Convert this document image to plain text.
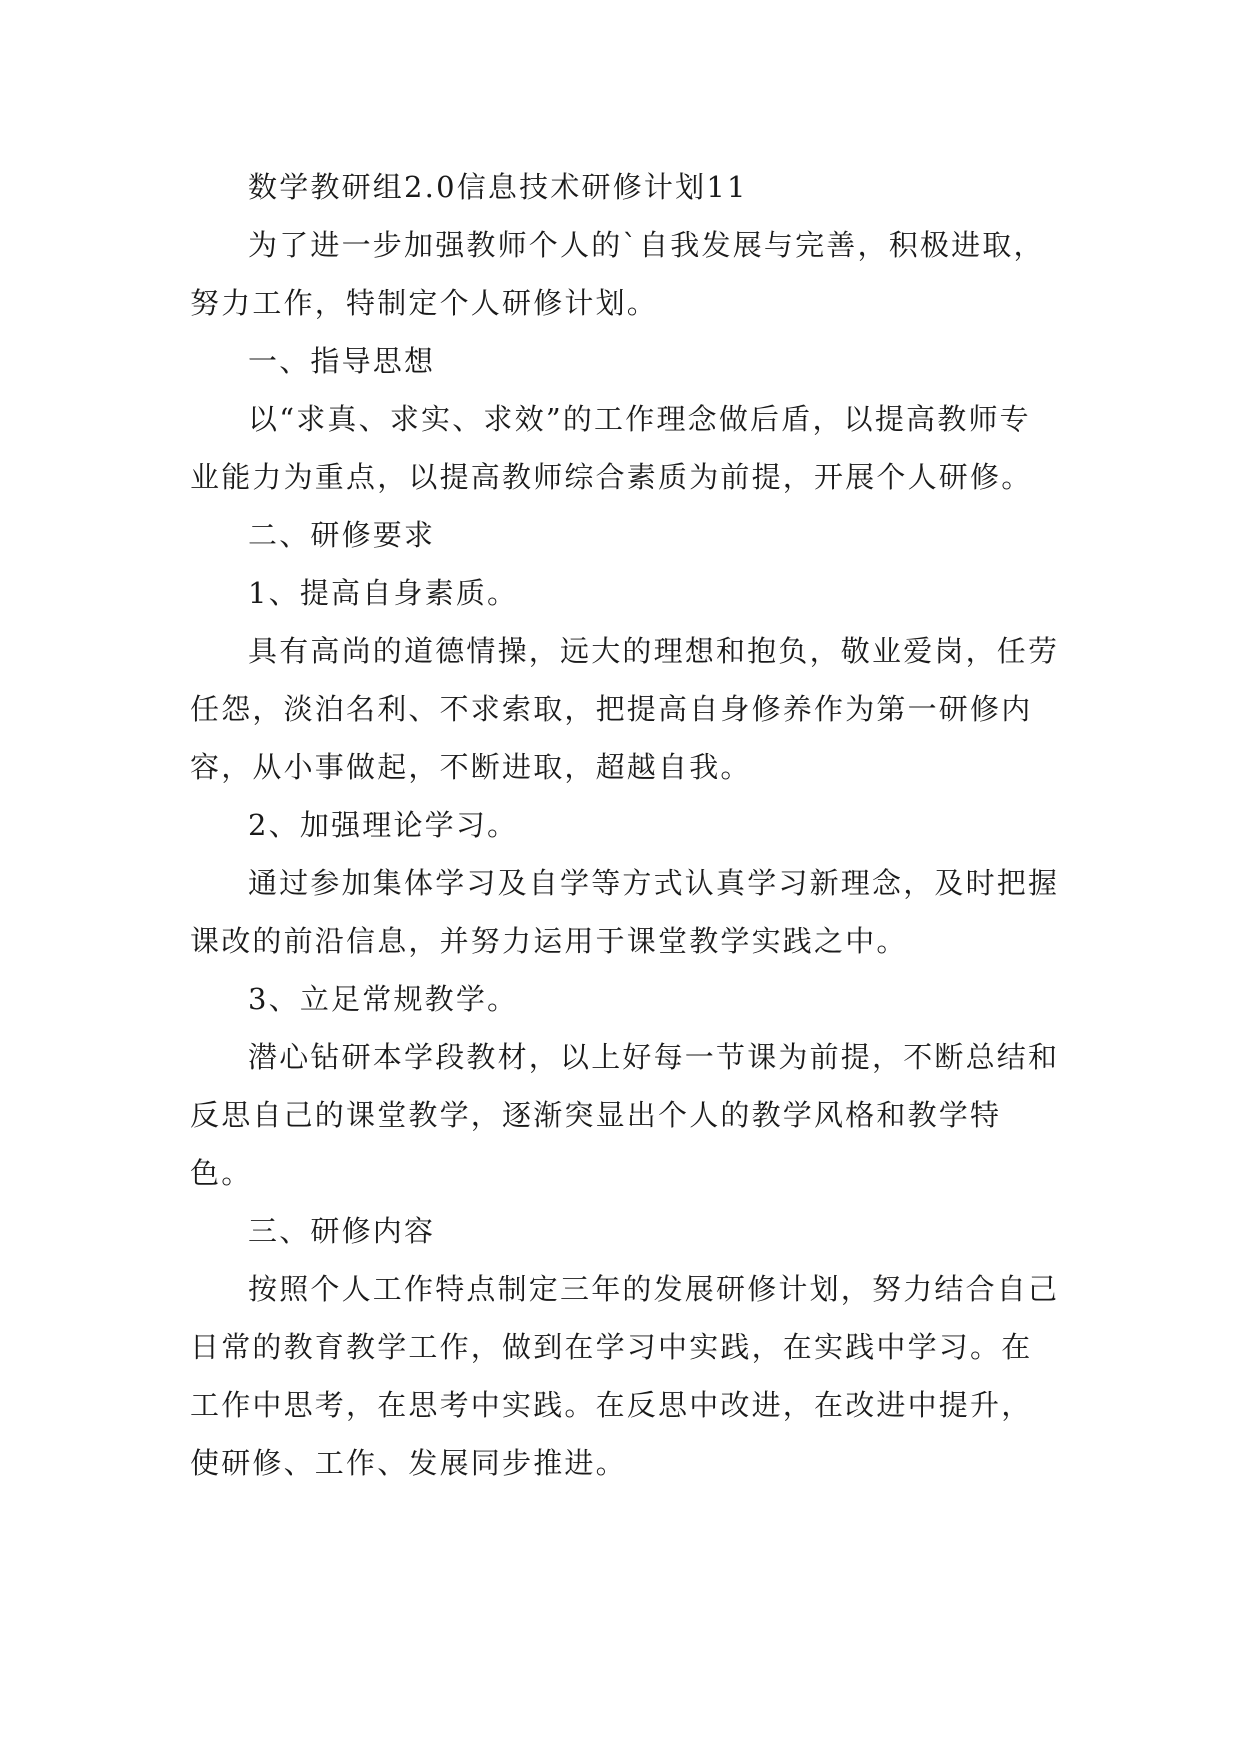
数学教研组2.0信息技术研修计划11

为了进一步加强教师个人的`自我发展与完善，积极进取，努力工作，特制定个人研修计划。

一、指导思想

以“求真、求实、求效”的工作理念做后盾，以提高教师专业能力为重点，以提高教师综合素质为前提，开展个人研修。

二、研修要求

1、提高自身素质。

具有高尚的道德情操，远大的理想和抱负，敬业爱岗，任劳任怨，淡泊名利、不求索取，把提高自身修养作为第一研修内容，从小事做起，不断进取，超越自我。

2、加强理论学习。

通过参加集体学习及自学等方式认真学习新理念，及时把握课改的前沿信息，并努力运用于课堂教学实践之中。

3、立足常规教学。

潜心钻研本学段教材，以上好每一节课为前提，不断总结和反思自己的课堂教学，逐渐突显出个人的教学风格和教学特色。

三、研修内容

按照个人工作特点制定三年的发展研修计划，努力结合自己日常的教育教学工作，做到在学习中实践，在实践中学习。在工作中思考，在思考中实践。在反思中改进，在改进中提升，使研修、工作、发展同步推进。
